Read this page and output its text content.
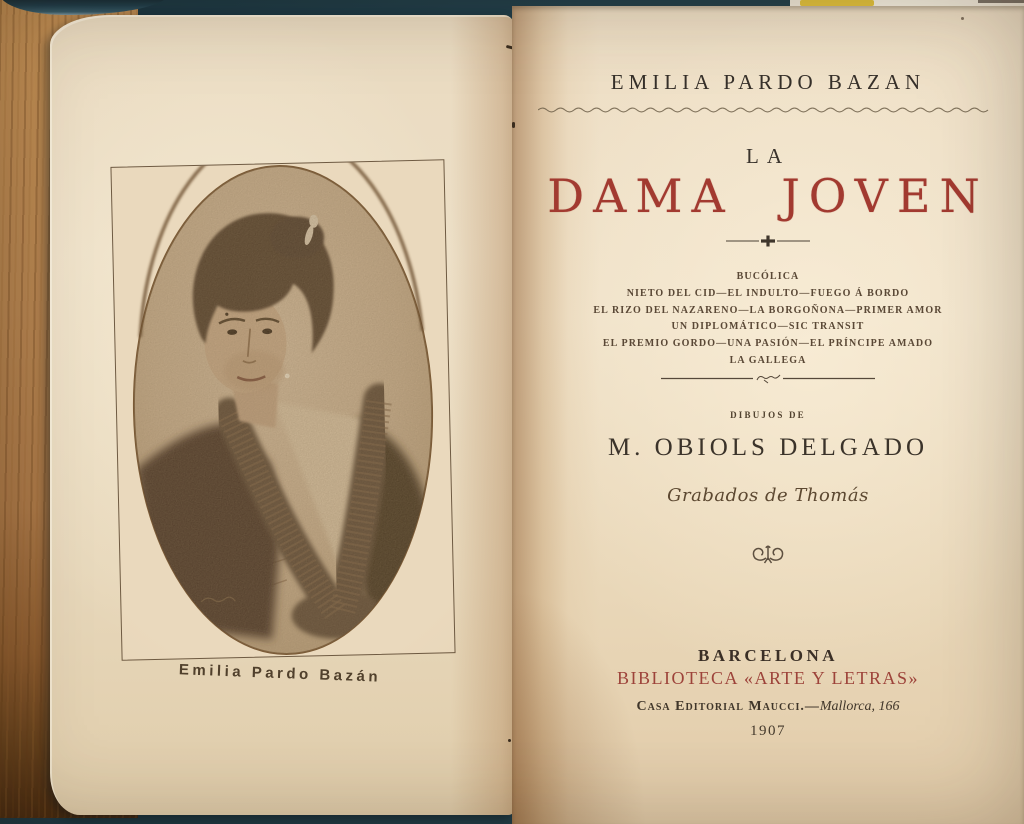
Emilia Pardo Bazán
EMILIA PARDO BAZAN
LA
DAMA JOVEN
BUCÓLICA
NIETO DEL CID—EL INDULTO—FUEGO Á BORDO
EL RIZO DEL NAZARENO—LA BORGOÑONA—PRIMER AMOR
UN DIPLOMÁTICO—SIC TRANSIT
EL PREMIO GORDO—UNA PASIÓN—EL PRÍNCIPE AMADO
LA GALLEGA
DIBUJOS DE
M. OBIOLS DELGADO
Grabados de Thomás
BARCELONA
BIBLIOTECA «ARTE Y LETRAS»
Casa Editorial Maucci.—Mallorca, 166
1907
